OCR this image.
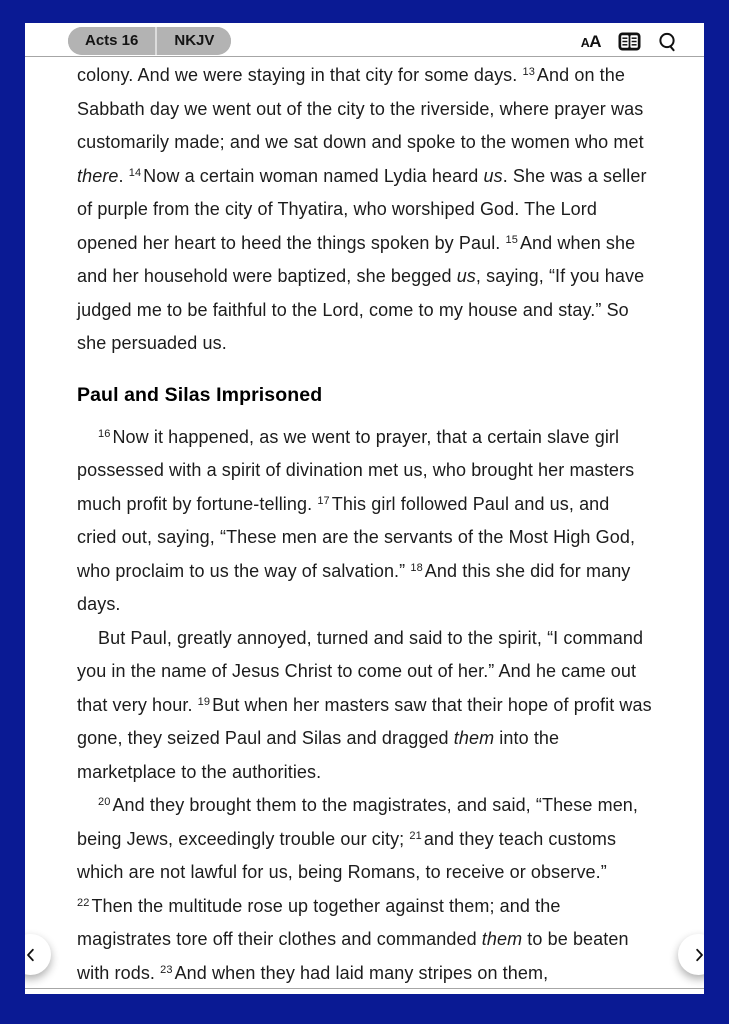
Acts 16	NKJV	A A

colony. And we were staying in that city for some days. $^{13}$ And on the Sabbath day we went out of the city to the riverside, where prayer was customarily made; and we sat down and spoke to the women who met there. $^{14}$ Now a certain woman named Lydia heard us. She was a seller of purple from the city of Thyatira, who worshiped God. The Lord opened her heart to heed the things spoken by Paul. $^{15}$ And when she and her household were baptized, she begged us, saying, “If you have judged me to be faithful to the Lord, come to my house and stay.” So she persuaded us.

Paul and Silas Imprisoned

$^{16}$ Now it happened, as we went to prayer, that a certain slave girl possessed with a spirit of divination met us, who brought her masters much profit by fortune-telling. $^{17}$ This girl followed Paul and us, and cried out, saying, “These men are the servants of the Most High God, who proclaim to us the way of salvation.” $^{18}$ And this she did for many days.

But Paul, greatly annoyed, turned and said to the spirit, “I command you in the name of Jesus Christ to come out of her.” And he came out that very hour. $^{19}$ But when her masters saw that their hope of profit was gone, they seized Paul and Silas and dragged them into the marketplace to the authorities.

$^{20}$ And they brought them to the magistrates, and said, “These men, being Jews, exceedingly trouble our city; $^{21}$ and they teach customs which are not lawful for us, being Romans, to receive or observe.” $^{22}$ Then the multitude rose up together against them; and the magistrates tore off their clothes and commanded them to be beaten with rods. $^{23}$ And when they had laid many stripes on them,
